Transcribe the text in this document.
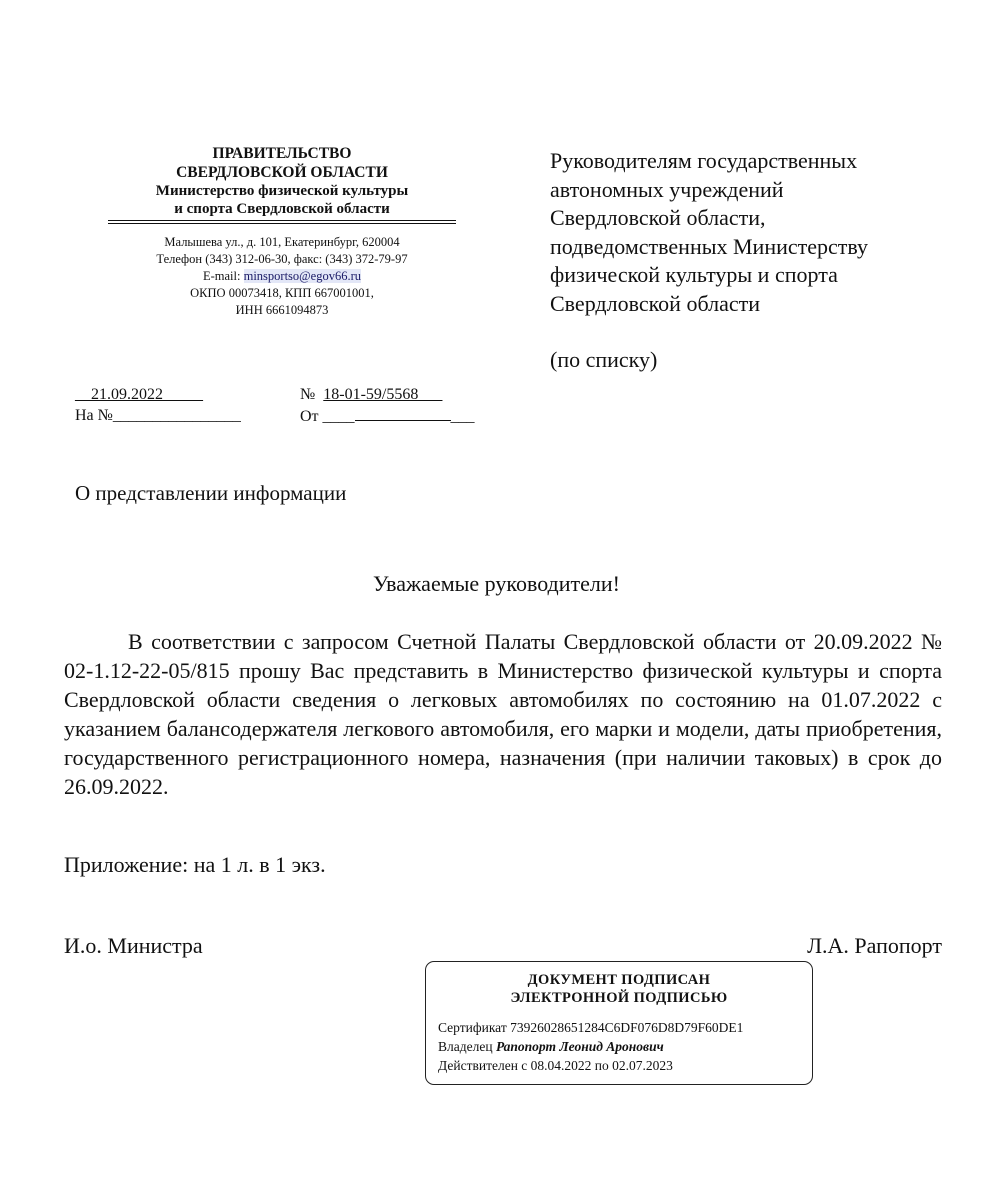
ПРАВИТЕЛЬСТВО
СВЕРДЛОВСКОЙ ОБЛАСТИ
Министерство физической культуры
и спорта Свердловской области
Малышева ул., д. 101, Екатеринбург, 620004
Телефон (343) 312-06-30, факс: (343) 372-79-97
E-mail: minsportso@egov66.ru
ОКПО 00073418, КПП 667001001,
ИНН 6661094873
Руководителям государственных
автономных учреждений
Свердловской области,
подведомственных Министерству
физической культуры и спорта
Свердловской области
(по списку)
__21.09.2022_____	№ 18-01-59/5568___
На №________________	От ____	___
О представлении информации
Уважаемые руководители!
В соответствии с запросом Счетной Палаты Свердловской области от 20.09.2022 № 02-1.12-22-05/815 прошу Вас представить в Министерство физической культуры и спорта Свердловской области сведения о легковых автомобилях по состоянию на 01.07.2022 с указанием балансодержателя легкового автомобиля, его марки и модели, даты приобретения, государственного регистрационного номера, назначения (при наличии таковых) в срок до 26.09.2022.
Приложение: на 1 л. в 1 экз.
И.о. Министра	Л.А. Рапопорт
ДОКУМЕНТ ПОДПИСАН
ЭЛЕКТРОННОЙ ПОДПИСЬЮ
Сертификат 73926028651284C6DF076D8D79F60DE1
Владелец Рапопорт Леонид Аронович
Действителен с 08.04.2022 по 02.07.2023
